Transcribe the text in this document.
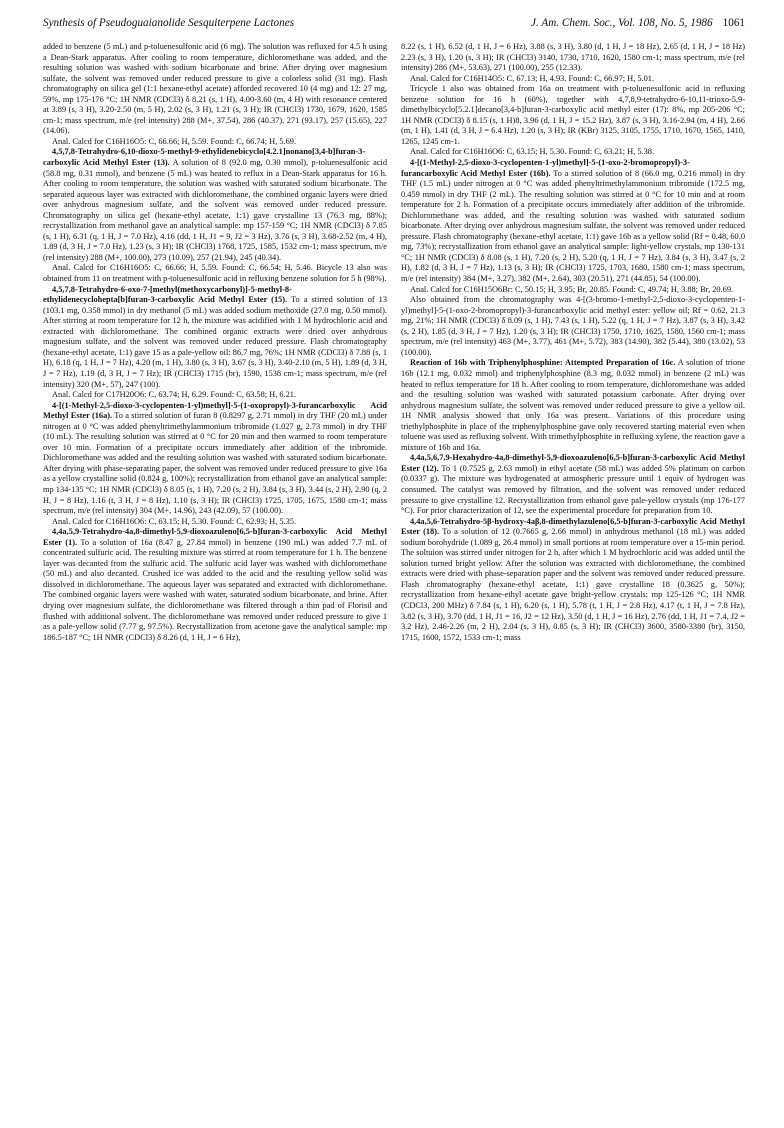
Synthesis of Pseudoguaianolide Sesquiterpene Lactones	J. Am. Chem. Soc., Vol. 108, No. 5, 1986 1061

added to benzene (5 mL) and p-toluenesulfonic acid (6 mg). The solution was refluxed for 4.5 h using a Dean-Stark apparatus. After cooling to room temperature, dichloromethane was added, and the resulting solution was washed with sodium bicarbonate and brine. After drying over magnesium sulfate, the solvent was removed under reduced pressure to give a colorless solid (31 mg). Flash chromatography on silica gel (1:1 hexane-ethyl acetate) afforded recovered 10 (4 mg) and 12: 27 mg, 59%, mp 175-176 °C; 1H NMR (CDCl3) δ 8.21 (s, 1 H), 4.00-3.60 (m, 4 H) with resonance centered at 3.89 (s, 3 H), 3.20-2.50 (m, 5 H), 2.02 (s, 3 H), 1.21 (s, 3 H); IR (CHCl3) 1730, 1679, 1620, 1585 cm-1; mass spectrum, m/e (rel intensity) 288 (M+, 37.54), 286 (40.37), 271 (93.17), 257 (15.65), 227 (14.06).

Anal. Calcd for C16H16O5: C, 66.66; H, 5.59. Found: C, 66.74; H, 5.69.

4,5,7,8-Tetrahydro-6,10-dioxo-5-methyl-9-ethylidenebicyclo[4.2.1]nonano[3,4-b]furan-3-carboxylic Acid Methyl Ester (13). A solution of 8 (92.0 mg, 0.30 mmol), p-toluenesulfonic acid (58.8 mg, 0.31 mmol), and benzene (5 mL) was heated to reflux in a Dean-Stark apparatus for 16 h. After cooling to room temperature, the solution was washed with saturated sodium bicarbonate. The separated aqueous layer was extracted with dichloromethane, the combined organic layers were dried over anhydrous magnesium sulfate, and the solvent was removed under reduced pressure. Chromatography on silica gel (hexane-ethyl acetate, 1:1) gave crystalline 13 (76.3 mg, 88%); recrystallization from methanol gave an analytical sample: mp 157-159 °C; 1H NMR (CDCl3) δ 7.85 (s, 1 H), 6.31 (q, 1 H, J = 7.0 Hz), 4.16 (dd, 1 H, J1 = 9, J2 = 3 Hz), 3.76 (s, 3 H), 3.68-2.52 (m, 4 H), 1.89 (d, 3 H, J = 7.0 Hz), 1.23 (s, 3 H); IR (CHCl3) 1768, 1725, 1585, 1532 cm-1; mass spectrum, m/e (rel intensity) 288 (M+, 100.00), 273 (10.09), 257 (21.94), 245 (40.34).

Anal. Calcd for C16H16O5: C, 66.66; H, 5.59. Found: C, 66.54; H, 5.46. Bicycle 13 also was obtained from 11 on treatment with p-toluenesulfonic acid in refluxing benzene solution for 5 h (98%).

4,5,7,8-Tetrahydro-6-oxo-7-[methyl(methoxycarbonyl)]-5-methyl-8-ethylidenecyclohepta[b]furan-3-carboxylic Acid Methyl Ester (15). To a stirred solution of 13 (103.1 mg, 0.358 mmol) in dry methanol (5 mL) was added sodium methoxide (27.0 mg, 0.50 mmol). After stirring at room temperature for 12 h, the mixture was acidified with 1 M hydrochloric acid and extracted with dichloromethane. The combined organic extracts were dried over anhydrous magnesium sulfate, and the solvent was removed under reduced pressure. Flash chromatography (hexane-ethyl acetate, 1:1) gave 15 as a pale-yellow oil: 86.7 mg, 76%; 1H NMR (CDCl3) δ 7.88 (s, 1 H), 6.18 (q, 1 H, J = 7 Hz), 4.20 (m, 1 H), 3.80 (s, 3 H), 3.67 (s, 3 H), 3.40-2.10 (m, 5 H), 1.89 (d, 3 H, J = 7 Hz), 1.19 (d, 3 H, J = 7 Hz); IR (CHCl3) 1715 (br), 1590, 1538 cm-1; mass spectrum, m/e (rel intensity) 320 (M+, 57), 247 (100).

Anal. Calcd for C17H20O6: C, 63.74; H, 6.29. Found: C, 63.58; H, 6.21.

4-[(1-Methyl-2,5-dioxo-3-cyclopenten-1-yl)methyl]-5-(1-oxopropyl)-3-furancarboxylic Acid Methyl Ester (16a). To a stirred solution of furan 8 (0.8297 g, 2.71 mmol) in dry THF (20 mL) under nitrogen at 0 °C was added phenyltrimethylammonium tribromide (1.027 g, 2.73 mmol) in dry THF (10 mL). The resulting solution was stirred at 0 °C for 20 min and then warmed to room temperature over 10 min. Formation of a precipitate occurs immediately after addition of the tribromide. Dichloromethane was added and the resulting solution was washed with saturated sodium bicarbonate. After drying with phase-separating paper, the solvent was removed under reduced pressure to give 16a as a yellow crystalline solid (0.824 g, 100%); recrystallization from ethanol gave an analytical sample: mp 134-135 °C; 1H NMR (CDCl3) δ 8.05 (s, 1 H), 7.20 (s, 2 H), 3.84 (s, 3 H), 3.44 (s, 2 H), 2.90 (q, 2 H, J = 8 Hz), 1.16 (t, 3 H, J = 8 Hz), 1.10 (s, 3 H); IR (CHCl3) 1725, 1705, 1675, 1580 cm-1; mass spectrum, m/e (rel intensity) 304 (M+, 14.96), 243 (42.09), 57 (100.00).

Anal. Calcd for C16H16O6: C, 63.15; H, 5.30. Found: C, 62.93; H, 5.35.

4,4a,5,9-Tetrahydro-4a,8-dimethyl-5,9-dioxoazuleno[6,5-b]furan-3-carboxylic Acid Methyl Ester (1). To a solution of 16a (8.47 g, 27.84 mmol) in benzene (190 mL) was added 7.7 mL of concentrated sulfuric acid. The resulting mixture was stirred at room temperature for 1 h. The benzene layer was decanted from the sulfuric acid. The sulfuric acid layer was washed with dichloromethane (50 mL) and also decanted. Crushed ice was added to the acid and the resulting yellow solid was dissolved in dichloromethane. The aqueous layer was separated and extracted with dichloromethane. The combined organic layers were washed with water, saturated sodium bicarbonate, and brine. After drying over magnesium sulfate, the dichloromethane was filtered through a thin pad of Florisil and flushed with additional solvent. The dichloromethane was removed under reduced pressure to give 1 as a pale-yellow solid (7.77 g, 97.5%). Recrystallization from acetone gave the analytical sample: mp 186.5-187 °C; 1H NMR (CDCl3) δ 8.26 (d, 1 H, J = 6 Hz),

8.22 (s, 1 H), 6.52 (d, 1 H, J = 6 Hz), 3.88 (s, 3 H), 3.80 (d, 1 H, J = 18 Hz), 2.65 (d, 1 H, J = 18 Hz) 2.23 (s, 3 H), 1.20 (s, 3 H); IR (CHCl3) 3140, 1730, 1710, 1620, 1580 cm-1; mass spectrum, m/e (rel intensity) 286 (M+, 53.63), 271 (100.00), 255 (12.33).

Anal. Calcd for C16H14O5: C, 67.13; H, 4.93. Found: C, 66.97; H, 5.01.

Tricycle 1 also was obtained from 16a on treatment with p-toluenesulfonic acid in refluxing benzene solution for 16 h (60%), together with 4,7,8,9-tetrahydro-6-10,11-trioxo-5,9-dimethylbicyclo[5.2.1]decano[3,4-b]furan-3-carboxylic acid methyl ester (17): 8%, mp 205-206 °C; 1H NMR (CDCl3) δ 8.15 (s, 1 H)8, 3.96 (d, 1 H, J = 15.2 Hz), 3.87 (s, 3 H), 3.16-2.94 (m, 4 H), 2.66 (m, 1 H), 1.41 (d, 3 H, J = 6.4 Hz), 1.20 (s, 3 H); IR (KBr) 3125, 3105, 1755, 1710, 1670, 1565, 1410, 1265, 1245 cm-1.

Anal. Calcd for C16H16O6: C, 63.15; H, 5.30. Found: C, 63.21; H, 5.38.

4-[(1-Methyl-2,5-dioxo-3-cyclopenten-1-yl)methyl]-5-(1-oxo-2-bromopropyl)-3-furancarboxylic Acid Methyl Ester (16b). To a stirred solution of 8 (66.0 mg, 0.216 mmol) in dry THF (1.5 mL) under nitrogen at 0 °C was added phenyltrimethylammonium tribromide (172.5 mg, 0.459 mmol) in dry THF (2 mL). The resulting solution was stirred at 0 °C for 10 min and at room temperature for 2 h. Formation of a precipitate occurs immediately after addition of the tribromide. Dichloromethane was added, and the resulting solution was washed with saturated sodium bicarbonate. After drying over anhydrous magnesium sulfate, the solvent was removed under reduced pressure. Flash chromatography (hexane-ethyl acetate, 1:1) gave 16b as a yellow solid (Rf = 0.48, 60.0 mg, 73%); recrystallization from ethanol gave an analytical sample: light-yellow crystals, mp 130-131 °C; 1H NMR (CDCl3) δ 8.08 (s, 1 H), 7.20 (s, 2 H), 5.20 (q, 1 H, J = 7 Hz), 3.84 (s, 3 H), 3.47 (s, 2 H), 1.82 (d, 3 H, J = 7 Hz), 1.13 (s, 3 H); IR (CHCl3) 1725, 1703, 1680, 1580 cm-1; mass spectrum, m/e (rel intensity) 384 (M+, 3.27), 382 (M+, 2.64), 303 (20.51), 271 (44.85), 54 (100.00).

Anal. Calcd for C16H15O6Br: C, 50.15; H, 3.95; Br, 20.85. Found: C, 49.74; H, 3.88; Br, 20.69.

Also obtained from the chromatography was 4-[(3-bromo-1-methyl-2,5-dioxo-3-cyclopenten-1-yl)methyl]-5-(1-oxo-2-bromopropyl)-3-furancarboxylic acid methyl ester: yellow oil; Rf = 0.62, 21.3 mg, 21%; 1H NMR (CDCl3) δ 8.09 (s, 1 H), 7.43 (s, 1 H), 5.22 (q, 1 H, J = 7 Hz), 3.87 (s, 3 H), 3.42 (s, 2 H), 1.85 (d, 3 H, J = 7 Hz), 1.20 (s, 3 H); IR (CHCl3) 1750, 1710, 1625, 1580, 1560 cm-1; mass spectrum, m/e (rel intensity) 463 (M+, 3.77), 461 (M+, 5.72), 383 (14.90), 382 (5.44), 380 (13.02), 53 (100.00).

Reaction of 16b with Triphenylphosphine: Attempted Preparation of 16c. A solution of trione 16b (12.1 mg, 0.032 mmol) and triphenylphosphine (8.3 mg, 0.032 mmol) in benzene (2 mL) was heated to reflux temperature for 18 h. After cooling to room temperature, dichloromethane was added and the resulting solution was washed with saturated potassium carbonate. After drying over anhydrous magnesium sulfate, the solvent was removed under reduced pressure to give a yellow oil. 1H NMR analysis showed that only 16a was present. Variations of this procedure using triethylphosphite in place of the triphenylphosphine gave only recovered starting material even when toluene was used as refluxing solvent. With trimethylphosphite in refluxing xylene, the reaction gave a mixture of 16b and 16a.

4,4a,5,6,7,9-Hexahydro-4a,8-dimethyl-5,9-dioxoazuleno[6,5-b]furan-3-carboxylic Acid Methyl Ester (12). To 1 (0.7525 g, 2.63 mmol) in ethyl acetate (58 mL) was added 5% platinum on carbon (0.0337 g). The mixture was hydrogenated at atmospheric pressure until 1 equiv of hydrogen was consumed. The catalyst was removed by filtration, and the solvent was removed under reduced pressure to give crystalline 12. Recrystallization from ethanol gave pale-yellow crystals (mp 176-177 °C). For prior characterization of 12, see the experimental procedure for preparation from 10.

4,4a,5,6-Tetrahydro-5β-hydroxy-4aβ,8-dimethylazuleno[6,5-b]furan-3-carboxylic Acid Methyl Ester (18). To a solution of 12 (0.7665 g, 2.66 mmol) in anhydrous methanol (18 mL) was added sodium borohydride (1.089 g, 26.4 mmol) in small portions at room temperature over a 15-min period. The soltuion was stirred under nitrogen for 2 h, after which 1 M hydrochloric acid was added until the solution turned bright yellow. After the solution was extracted with dichloromethane, the combined extracts were dried with phase-separation paper and the solvent was removed under reduced pressure. Flash chromatography (hexane-ethyl acetate, 1:1) gave crystalline 18 (0.3625 g, 50%); recrystallization from hexane-ethyl acetate gave bright-yellow crystals: mp 125-126 °C; 1H NMR (CDCl3, 200 MHz) δ 7.84 (s, 1 H), 6.20 (s, 1 H), 5.78 (t, 1 H, J = 2.8 Hz), 4.17 (t, 1 H, J = 7.8 Hz), 3.82 (s, 3 H), 3.70 (dd, 1 H, J1 = 16, J2 = 12 Hz), 3.50 (d, 1 H, J = 16 Hz), 2.76 (dd, 1 H, J1 = 7.4, J2 = 3.2 Hz), 2.46-2.26 (m, 2 H), 2.04 (s, 3 H), 0.85 (s, 3 H); IR (CHCl3) 3600, 3580-3380 (br), 3150, 1715, 1600, 1572, 1533 cm-1; mass
